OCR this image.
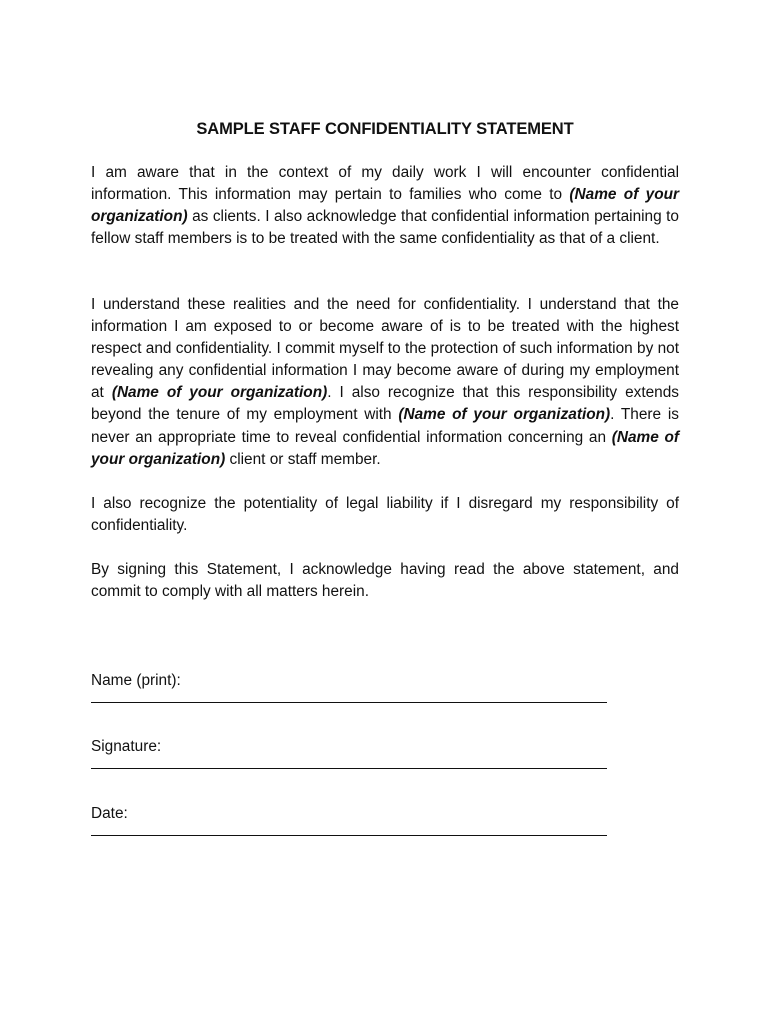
SAMPLE STAFF CONFIDENTIALITY STATEMENT
I am aware that in the context of my daily work I will encounter confidential information. This information may pertain to families who come to (Name of your organization) as clients. I also acknowledge that confidential information pertaining to fellow staff members is to be treated with the same confidentiality as that of a client.
I understand these realities and the need for confidentiality. I understand that the information I am exposed to or become aware of is to be treated with the highest respect and confidentiality. I commit myself to the protection of such information by not revealing any confidential information I may become aware of during my employment at (Name of your organization). I also recognize that this responsibility extends beyond the tenure of my employment with (Name of your organization). There is never an appropriate time to reveal confidential information concerning an (Name of your organization) client or staff member.
I also recognize the potentiality of legal liability if I disregard my responsibility of confidentiality.
By signing this Statement, I acknowledge having read the above statement, and commit to comply with all matters herein.
Name (print):
Signature:
Date:
